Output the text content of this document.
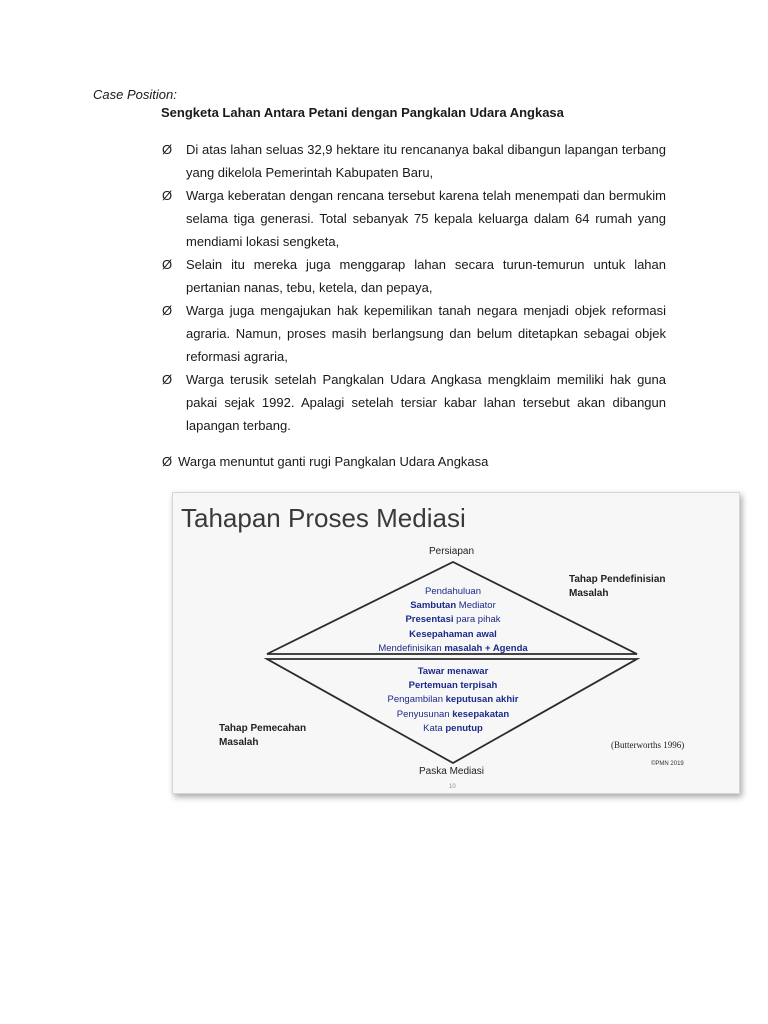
Case Position:
Sengketa Lahan Antara Petani dengan Pangkalan Udara Angkasa
Ø Di atas lahan seluas 32,9 hektare itu rencananya bakal dibangun lapangan terbang yang dikelola Pemerintah Kabupaten Baru,
Ø Warga keberatan dengan rencana tersebut karena telah menempati dan bermukim selama tiga generasi. Total sebanyak 75 kepala keluarga dalam 64 rumah yang mendiami lokasi sengketa,
Ø Selain itu mereka juga menggarap lahan secara turun-temurun untuk lahan pertanian nanas, tebu, ketela, dan pepaya,
Ø Warga juga mengajukan hak kepemilikan tanah negara menjadi objek reformasi agraria. Namun, proses masih berlangsung dan belum ditetapkan sebagai objek reformasi agraria,
Ø Warga terusik setelah Pangkalan Udara Angkasa mengklaim memiliki hak guna pakai sejak 1992. Apalagi setelah tersiar kabar lahan tersebut akan dibangun lapangan terbang.
Ø Warga menuntut ganti rugi Pangkalan Udara Angkasa
Tahapan Proses Mediasi
Persiapan
Paska Mediasi
Tahap Pendefinisian
Masalah
Tahap Pemecahan
Masalah
Pendahuluan
Sambutan Mediator
Presentasi para pihak
Kesepahaman awal
Mendefinisikan masalah + Agenda
Tawar menawar
Pertemuan terpisah
Pengambilan keputusan akhir
Penyusunan kesepakatan
Kata penutup
(Butterworths 1996)
©PMN 2019
10
